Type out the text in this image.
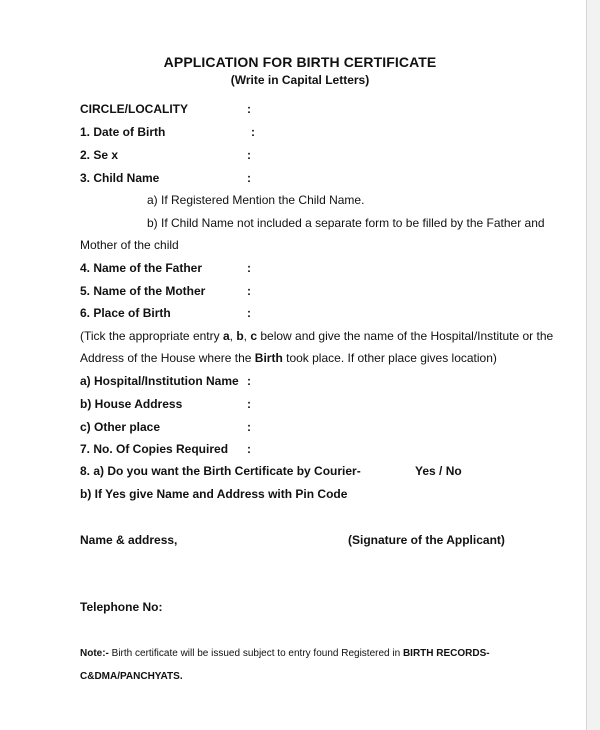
APPLICATION FOR BIRTH CERTIFICATE
(Write in Capital Letters)
CIRCLE/LOCALITY	:
1. Date of Birth	:
2. Se x	:
3. Child Name	:
a) If Registered Mention the Child Name.
b) If Child Name not included a separate form to be filled by the Father and
Mother of the child
4. Name of the Father	:
5. Name of the Mother	:
6. Place of Birth	:
(Tick the appropriate entry a, b, c below and give the name of the Hospital/Institute or the
Address of the House where the Birth took place. If other place gives location)
a) Hospital/Institution Name :
b) House Address	:
c) Other place	:
7. No. Of Copies Required :
8. a) Do you want the Birth Certificate by Courier-	Yes / No
b) If Yes give Name and Address with Pin Code
Name & address,	(Signature of the Applicant)
Telephone No:
Note:- Birth certificate will be issued subject to entry found Registered in BIRTH RECORDS-
C&DMA/PANCHYATS.
